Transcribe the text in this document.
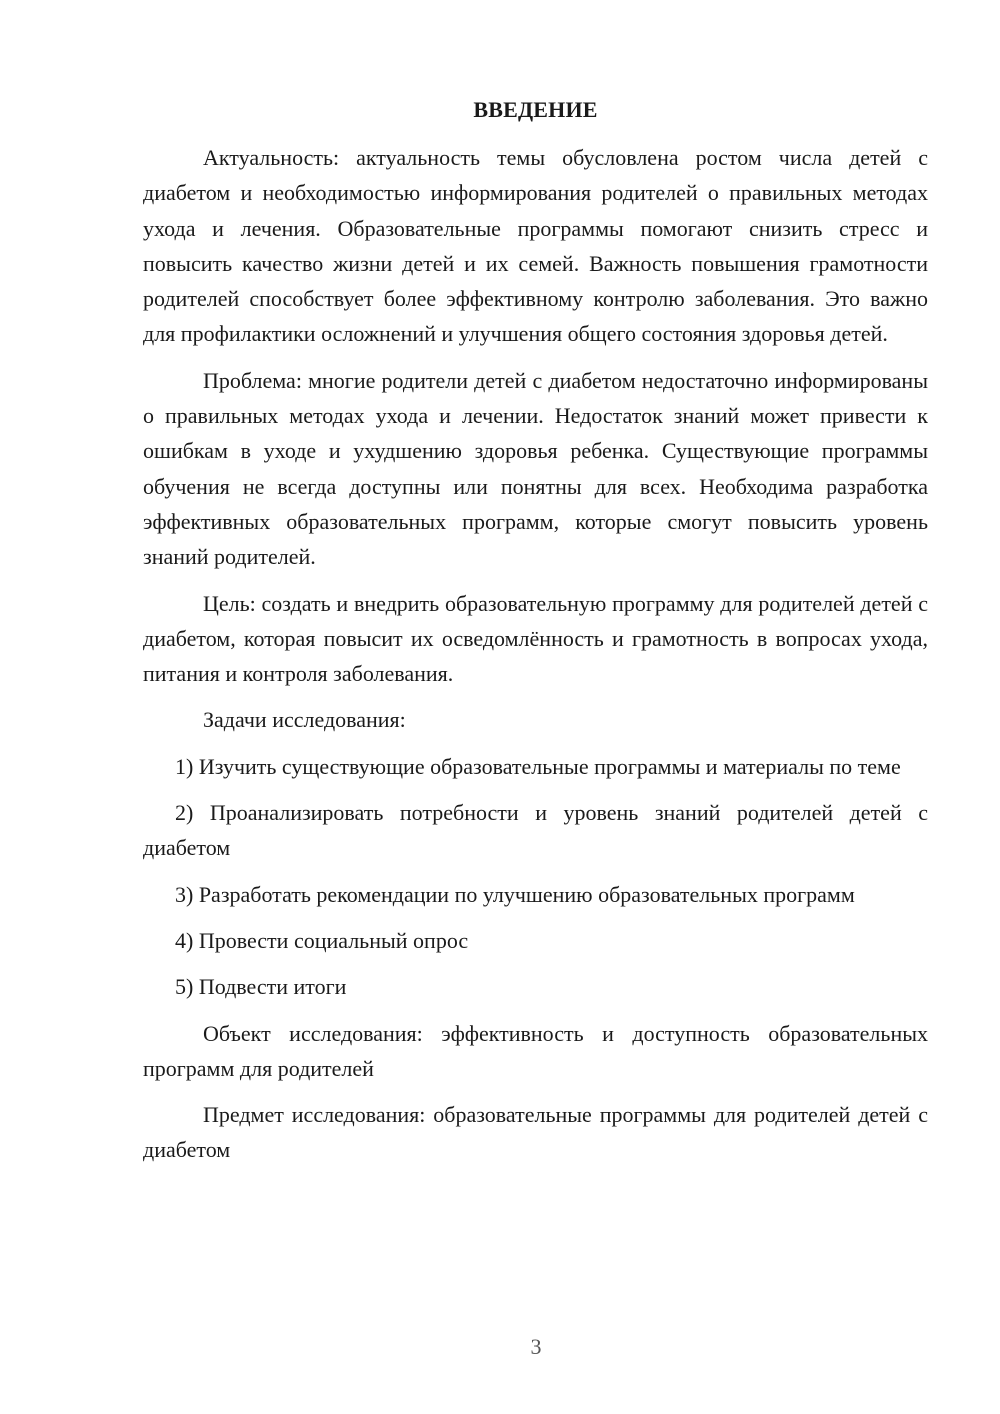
ВВЕДЕНИЕ

Актуальность: актуальность темы обусловлена ростом числа детей с диабетом и необходимостью информирования родителей о правильных методах ухода и лечения. Образовательные программы помогают снизить стресс и повысить качество жизни детей и их семей. Важность повышения грамотности родителей способствует более эффективному контролю заболевания. Это важно для профилактики осложнений и улучшения общего состояния здоровья детей.

Проблема: многие родители детей с диабетом недостаточно информированы о правильных методах ухода и лечении. Недостаток знаний может привести к ошибкам в уходе и ухудшению здоровья ребенка. Существующие программы обучения не всегда доступны или понятны для всех. Необходима разработка эффективных образовательных программ, которые смогут повысить уровень знаний родителей.

Цель: создать и внедрить образовательную программу для родителей детей с диабетом, которая повысит их осведомлённость и грамотность в вопросах ухода, питания и контроля заболевания.

Задачи исследования:

1) Изучить существующие образовательные программы и материалы по теме

2) Проанализировать потребности и уровень знаний родителей детей с диабетом

3) Разработать рекомендации по улучшению образовательных программ

4) Провести социальный опрос

5) Подвести итоги

Объект исследования: эффективность и доступность образовательных программ для родителей

Предмет исследования: образовательные программы для родителей детей с диабетом

3
